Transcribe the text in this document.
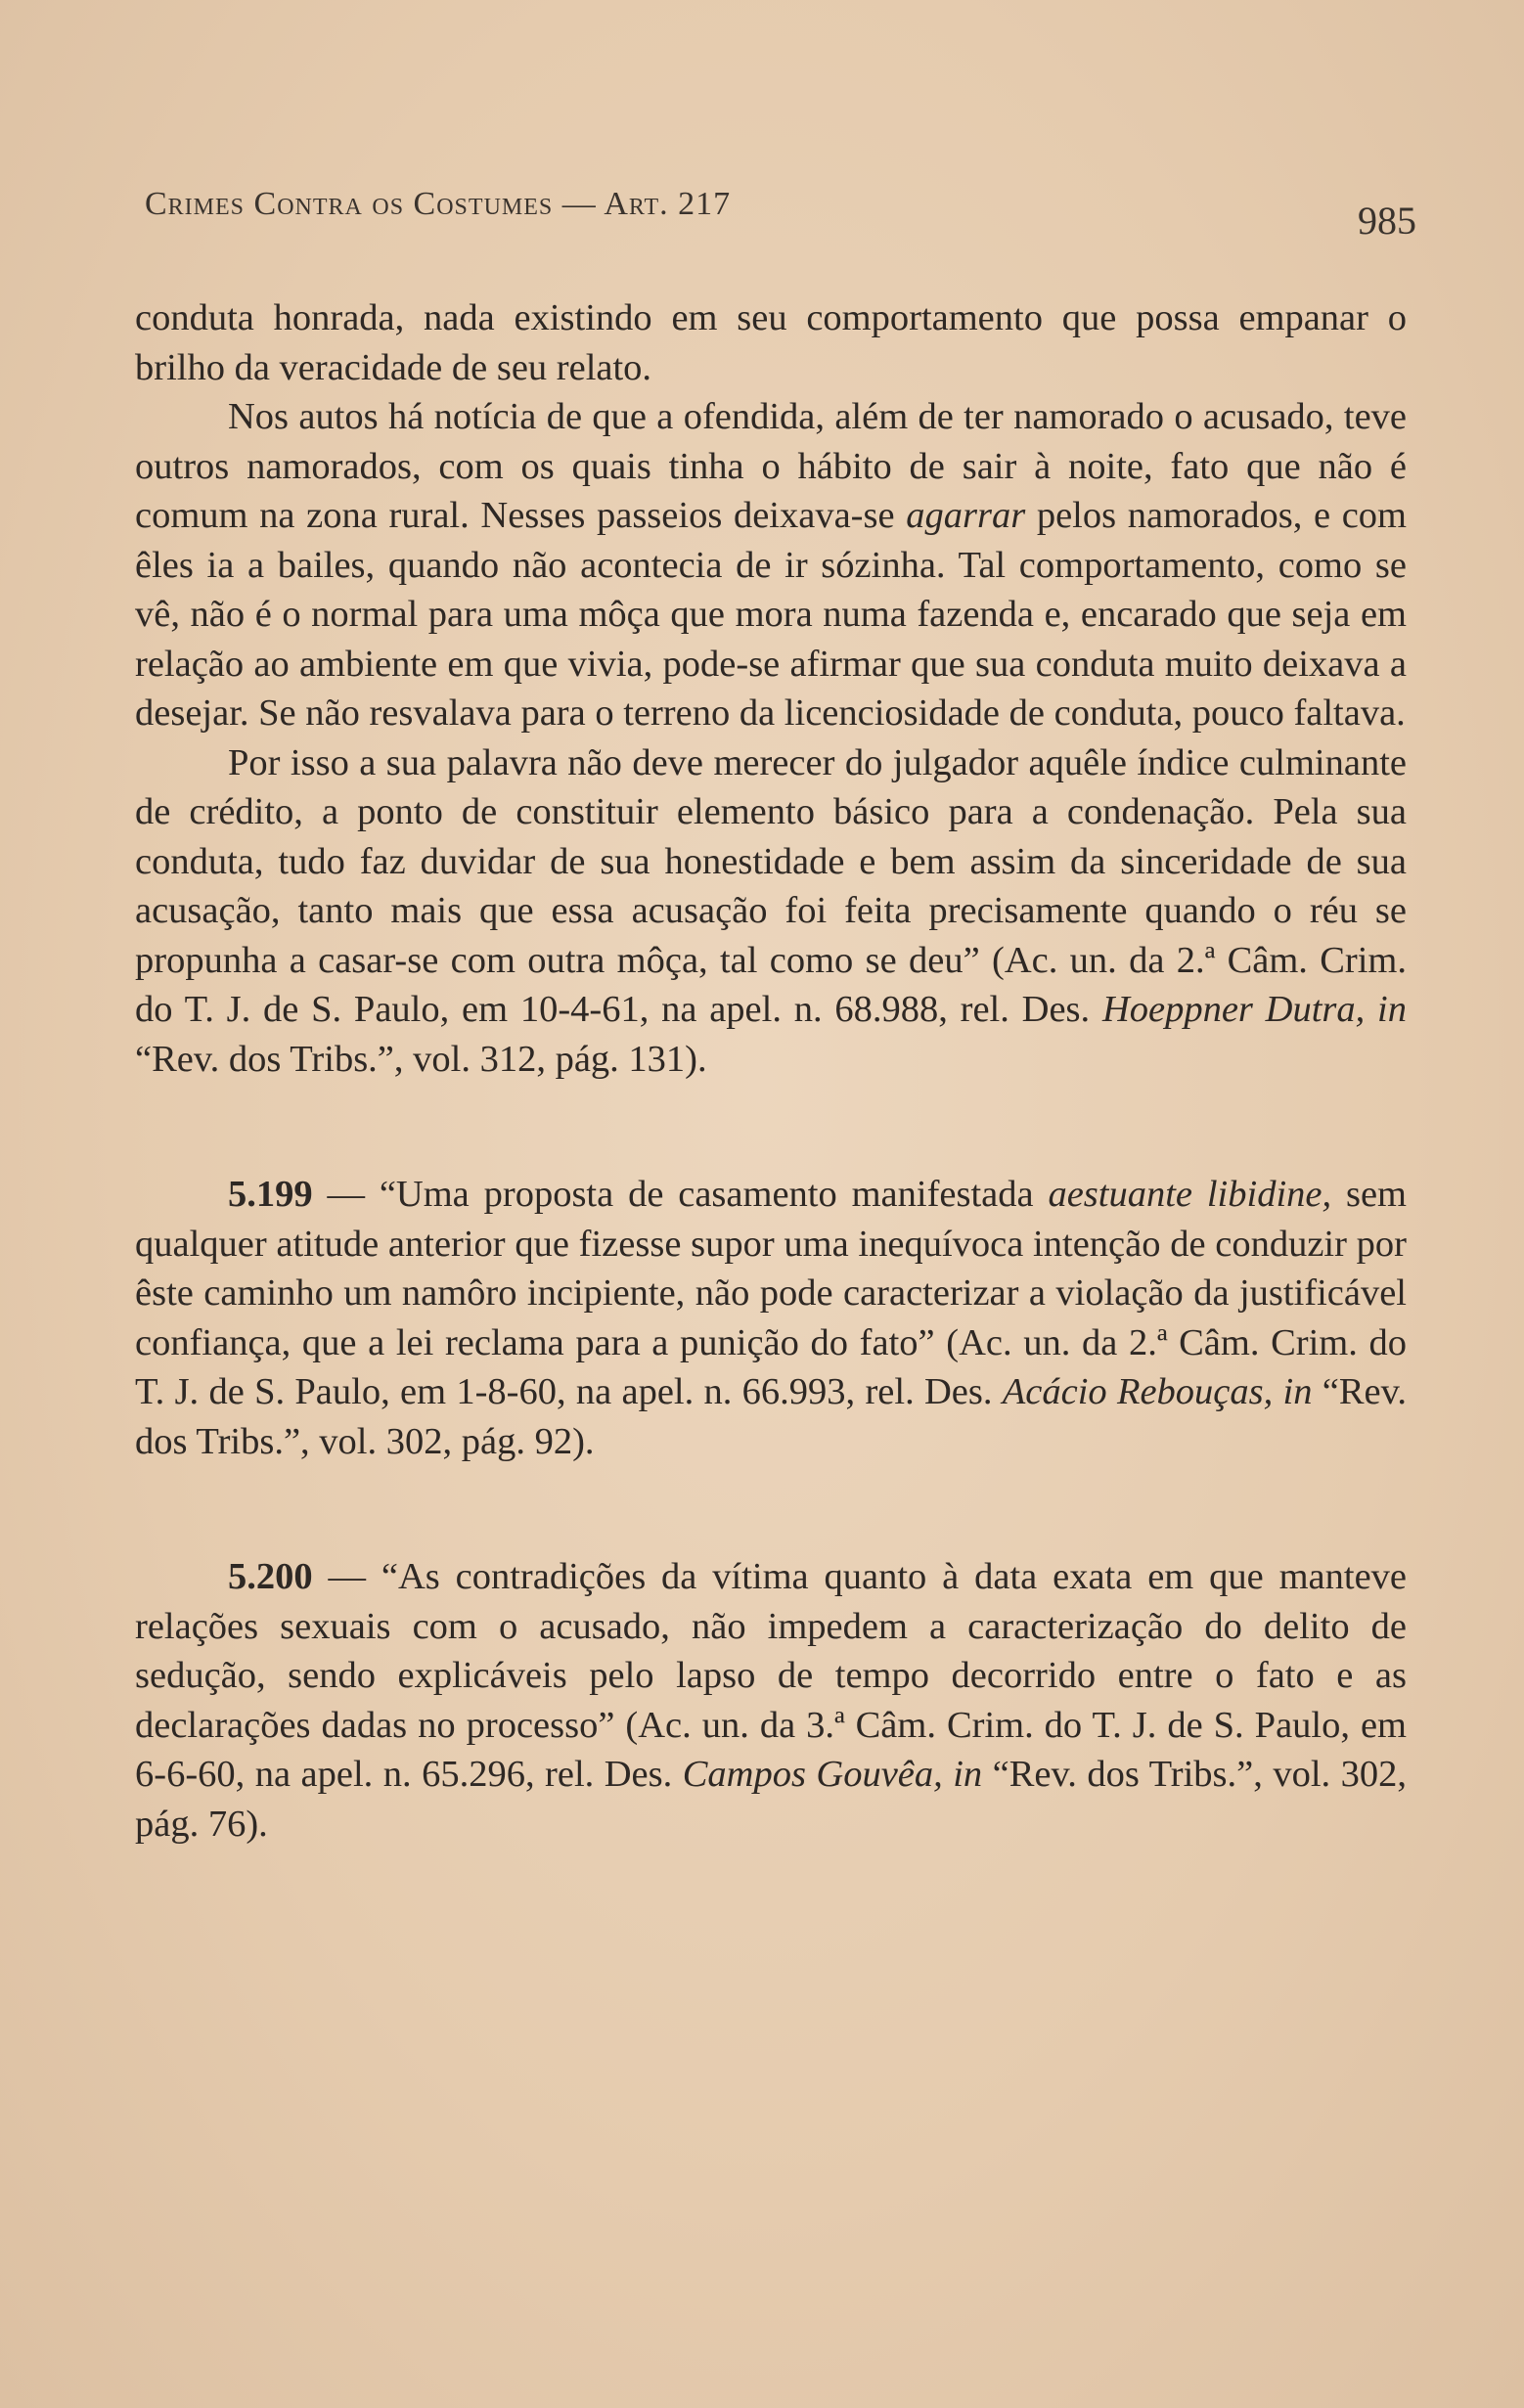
Crimes Contra os Costumes — Art. 217	985

conduta honrada, nada existindo em seu comportamento que possa empanar o brilho da veracidade de seu relato.

Nos autos há notícia de que a ofendida, além de ter namorado o acusado, teve outros namorados, com os quais tinha o hábito de sair à noite, fato que não é comum na zona rural. Nesses passeios deixava-se agarrar pelos namorados, e com êles ia a bailes, quando não acontecia de ir sózinha. Tal comportamento, como se vê, não é o normal para uma môça que mora numa fazenda e, encarado que seja em relação ao ambiente em que vivia, pode-se afirmar que sua conduta muito deixava a desejar. Se não resvalava para o terreno da licenciosidade de conduta, pouco faltava.

Por isso a sua palavra não deve merecer do julgador aquêle índice culminante de crédito, a ponto de constituir elemento básico para a condenação. Pela sua conduta, tudo faz duvidar de sua honestidade e bem assim da sinceridade de sua acusação, tanto mais que essa acusação foi feita precisamente quando o réu se propunha a casar-se com outra môça, tal como se deu” (Ac. un. da 2.ª Câm. Crim. do T. J. de S. Paulo, em 10-4-61, na apel. n. 68.988, rel. Des. Hoeppner Dutra, in “Rev. dos Tribs.”, vol. 312, pág. 131).

5.199 — “Uma proposta de casamento manifestada aestuante libidine, sem qualquer atitude anterior que fizesse supor uma inequívoca intenção de conduzir por êste caminho um namôro incipiente, não pode caracterizar a violação da justificável confiança, que a lei reclama para a punição do fato” (Ac. un. da 2.ª Câm. Crim. do T. J. de S. Paulo, em 1-8-60, na apel. n. 66.993, rel. Des. Acácio Rebouças, in “Rev. dos Tribs.”, vol. 302, pág. 92).

5.200 — “As contradições da vítima quanto à data exata em que manteve relações sexuais com o acusado, não impedem a caracterização do delito de sedução, sendo explicáveis pelo lapso de tempo decorrido entre o fato e as declarações dadas no processo” (Ac. un. da 3.ª Câm. Crim. do T. J. de S. Paulo, em 6-6-60, na apel. n. 65.296, rel. Des. Campos Gouvêa, in “Rev. dos Tribs.”, vol. 302, pág. 76).
